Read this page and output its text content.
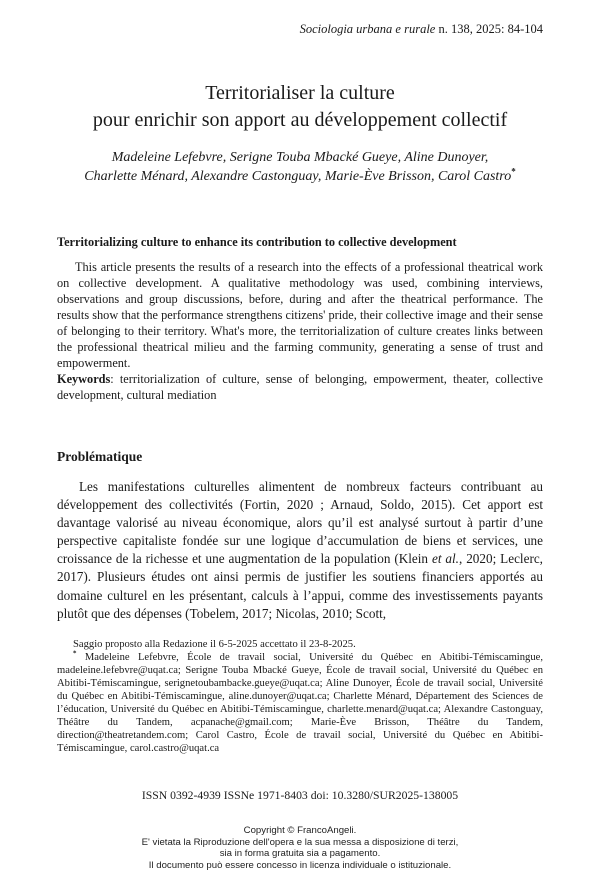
Sociologia urbana e rurale n. 138, 2025: 84-104
Territorialiser la culture
pour enrichir son apport au développement collectif
Madeleine Lefebvre, Serigne Touba Mbacké Gueye, Aline Dunoyer,
Charlette Ménard, Alexandre Castonguay, Marie-Ève Brisson, Carol Castro*
Territorializing culture to enhance its contribution to collective development

This article presents the results of a research into the effects of a professional theatrical work on collective development. A qualitative methodology was used, combining interviews, observations and group discussions, before, during and after the theatrical performance. The results show that the performance strengthens citizens' pride, their collective image and their sense of belonging to their territory. What's more, the territorialization of culture creates links between the professional theatrical milieu and the farming community, generating a sense of trust and empowerment.

Keywords: territorialization of culture, sense of belonging, empowerment, theater, collective development, cultural mediation

Problématique

Les manifestations culturelles alimentent de nombreux facteurs contribuant au développement des collectivités (Fortin, 2020 ; Arnaud, Soldo, 2015). Cet apport est davantage valorisé au niveau économique, alors qu’il est analysé surtout à partir d’une perspective capitaliste fondée sur une logique d’accumulation de biens et services, une croissance de la richesse et une augmentation de la population (Klein et al., 2020; Leclerc, 2017). Plusieurs études ont ainsi permis de justifier les soutiens financiers apportés au domaine culturel en les présentant, calculs à l’appui, comme des investissements payants plutôt que des dépenses (Tobelem, 2017; Nicolas, 2010; Scott,

Saggio proposto alla Redazione il 6-5-2025 accettato il 23-8-2025.

* Madeleine Lefebvre, École de travail social, Université du Québec en Abitibi-Témiscamingue, madeleine.lefebvre@uqat.ca; Serigne Touba Mbacké Gueye, École de travail social, Université du Québec en Abitibi-Témiscamingue, serignetoubambacke.gueye@uqat.ca; Aline Dunoyer, École de travail social, Université du Québec en Abitibi-Témiscamingue, aline.dunoyer@uqat.ca; Charlette Ménard, Département des Sciences de l’éducation, Université du Québec en Abitibi-Témiscamingue, charlette.menard@uqat.ca; Alexandre Castonguay, Théâtre du Tandem, acpanache@gmail.com; Marie-Ève Brisson, Théâtre du Tandem, direction@theatretandem.com; Carol Castro, École de travail social, Université du Québec en Abitibi-Témiscamingue, carol.castro@uqat.ca

ISSN 0392-4939 ISSNe 1971-8403 doi: 10.3280/SUR2025-138005
Copyright © FrancoAngeli.
E' vietata la Riproduzione dell'opera e la sua messa a disposizione di terzi,
sia in forma gratuita sia a pagamento.
Il documento può essere concesso in licenza individuale o istituzionale.
